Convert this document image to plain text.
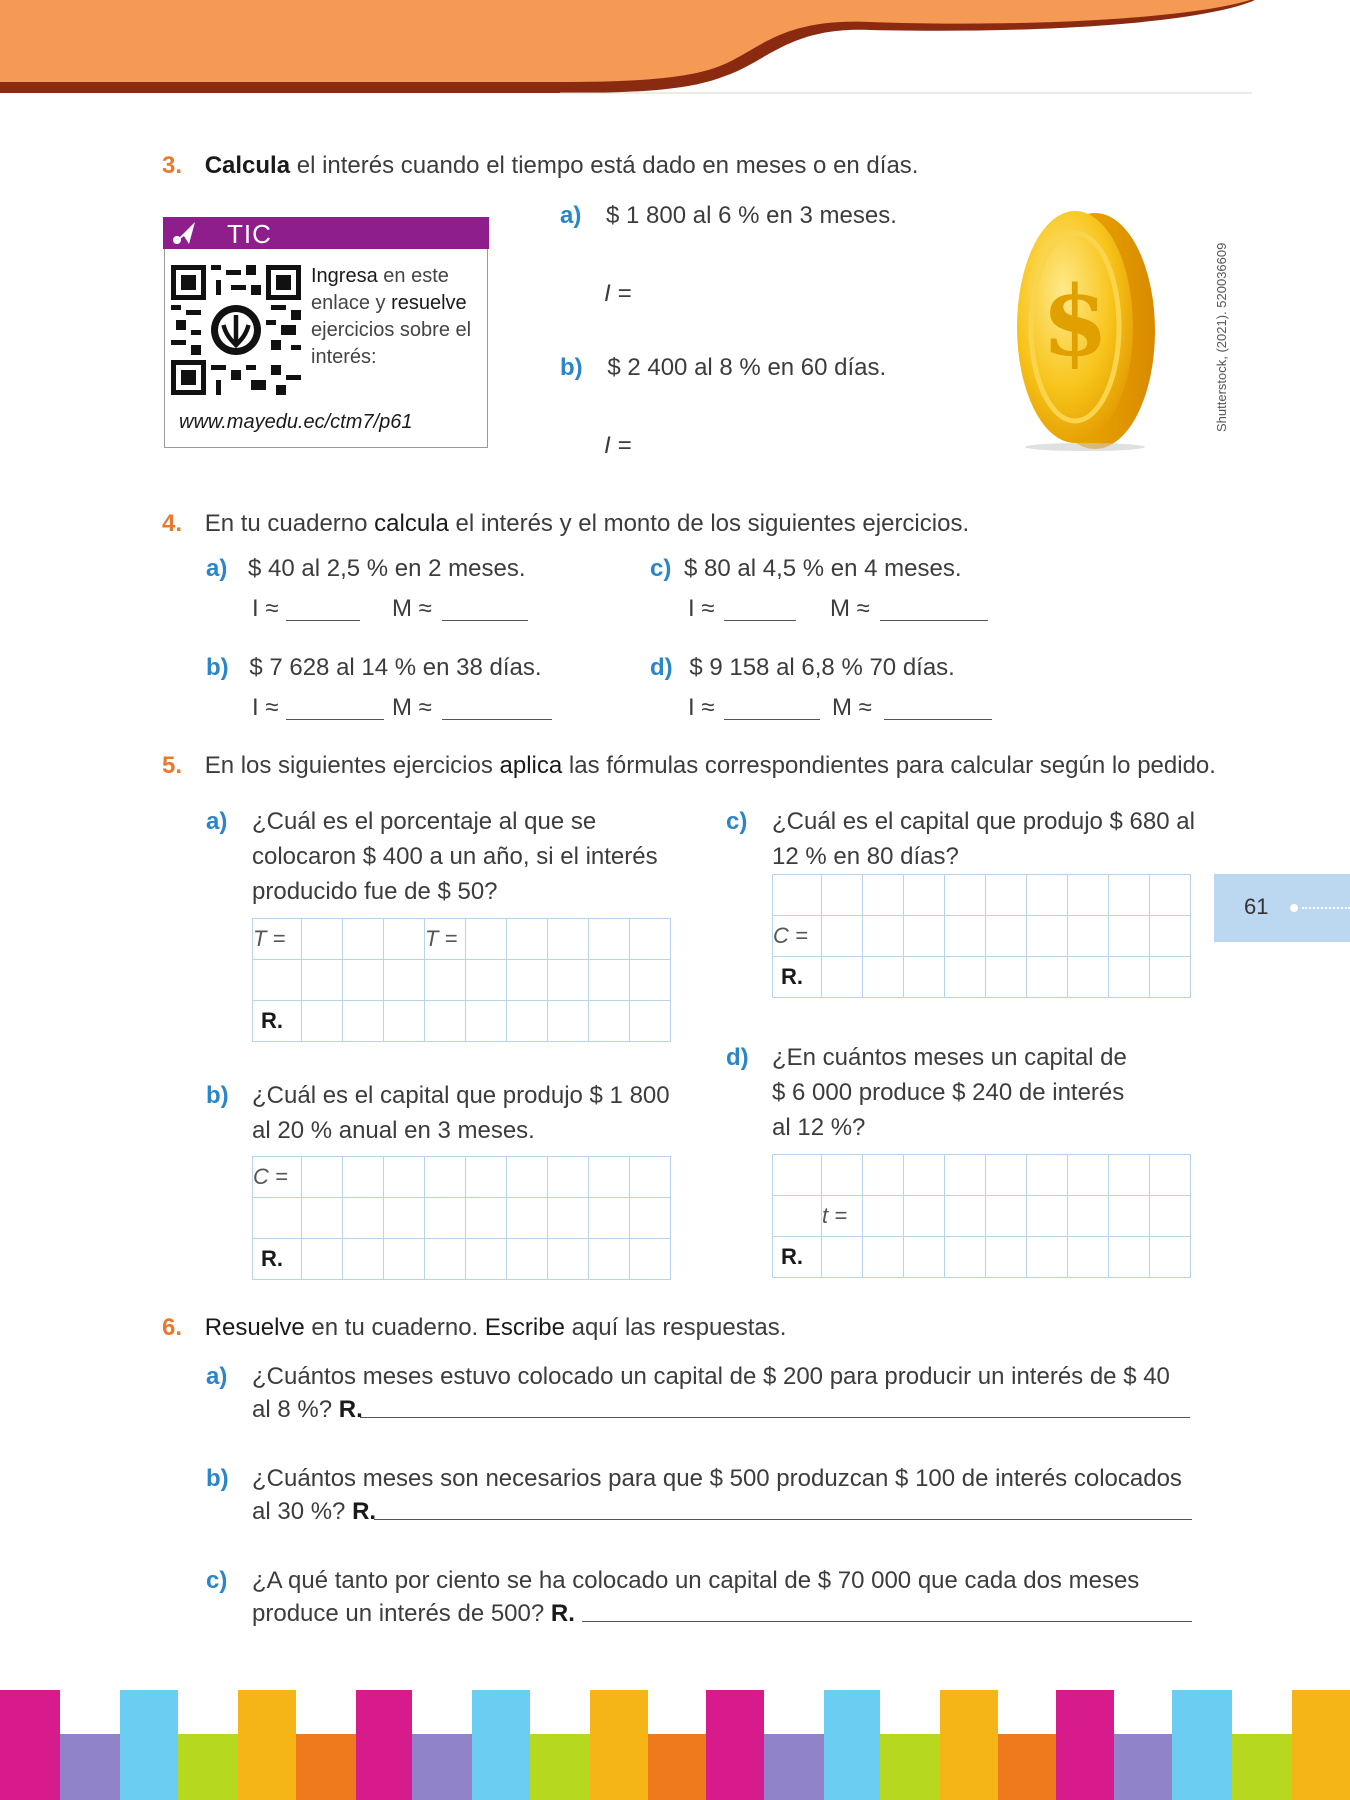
3. Calcula el interés cuando el tiempo está dado en meses o en días.
TIC
Ingresa en este enlace y resuelve ejercicios sobre el interés:
www.mayedu.ec/ctm7/p61
a) $ 1 800 al 6 % en 3 meses.
I =
b) $ 2 400 al 8 % en 60 días.
I =
$	Shutterstock, (2021). 520036609
4. En tu cuaderno calcula el interés y el monto de los siguientes ejercicios.
a) $ 40 al 2,5 % en 2 meses.
I ≈	M ≈
b) $ 7 628 al 14 % en 38 días.
I ≈	M ≈
c) $ 80 al 4,5 % en 4 meses.
I ≈	M ≈
d) $ 9 158 al 6,8 % 70 días.
I ≈	M ≈
5. En los siguientes ejercicios aplica las fórmulas correspondientes para calcular según lo pedido.
a) ¿Cuál es el porcentaje al que se
colocaron $ 400 a un año, si el interés
producido fue de $ 50?
T =				T =					

R.									
b) ¿Cuál es el capital que produjo $ 1 800
al 20 % anual en 3 meses.
C =									

R.									
c) ¿Cuál es el capital que produjo $ 680 al
12 % en 80 días?

C =									
R.									
d) ¿En cuántos meses un capital de
$ 6 000 produce $ 240 de interés
al 12 %?

	t =								
R.									
61
6. Resuelve en tu cuaderno. Escribe aquí las respuestas.
a) ¿Cuántos meses estuvo colocado un capital de $ 200 para producir un interés de $ 40
al 8 %? R.
b) ¿Cuántos meses son necesarios para que $ 500 produzcan $ 100 de interés colocados
al 30 %? R.
c) ¿A qué tanto por ciento se ha colocado un capital de $ 70 000 que cada dos meses
produce un interés de 500? R.
